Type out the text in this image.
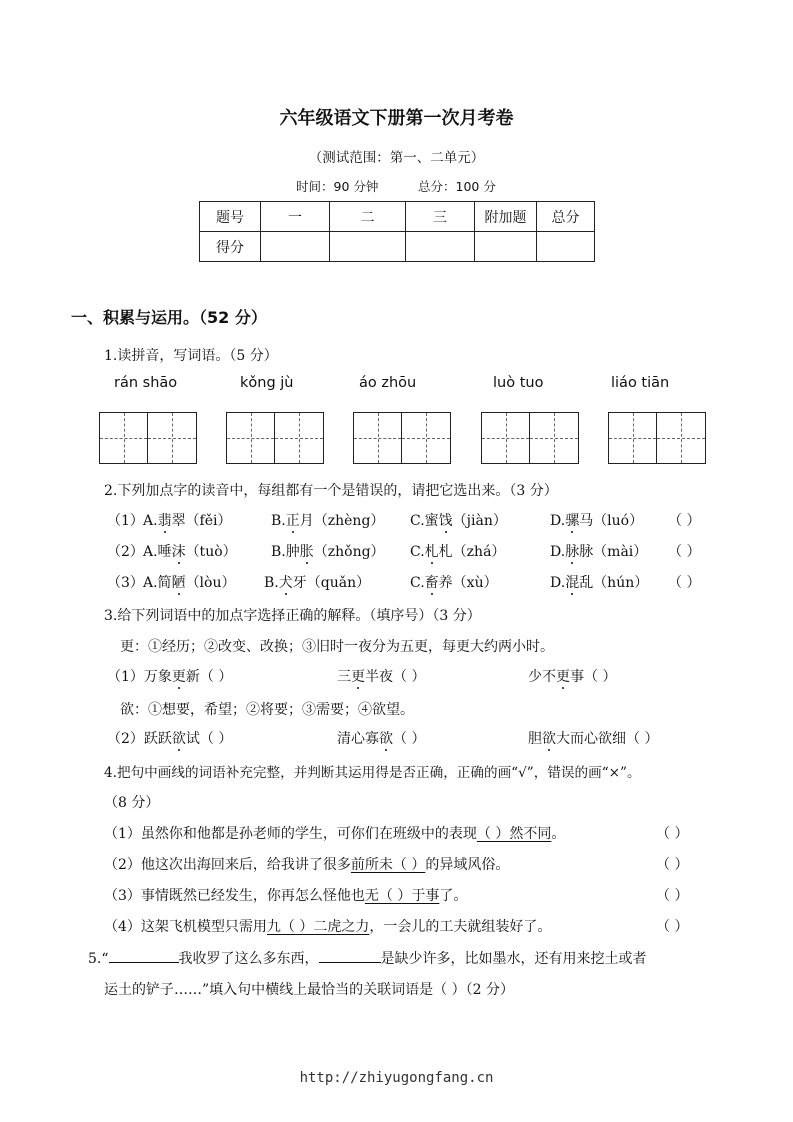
六年级语文下册第一次月考卷
（测试范围：第一、二单元）
时间：90 分钟	总分：100 分
题号	一	二	三	附加题	总分
得分					
一、积累与运用。（52 分）
1.读拼音，写词语。（5 分）
rán shāo	kǒng jù	áo zhōu	luò tuo	liáo tiān
2.下列加点字的读音中，每组都有一个是错误的，请把它选出来。（3 分）
（1） A.翡翠（fěi）	B.正月（zhèng） C.蜜饯（jiàn）	D.骡马（luó） （ ）
（2） A.唾沫（tuò） B.肿胀（zhǒng） C.札札（zhá）	D.脉脉（mài） （ ）
（3） A.简陋（lòu） B.犬牙（quǎn）	C.畜养（xù）	D.混乱（hún） （ ）
3.给下列词语中的加点字选择正确的解释。（填序号）（3 分）
更：①经历；②改变、改换；③旧时一夜分为五更，每更大约两小时。
（1）万象更新（ ）	三更半夜（ ）	少不更事（ ）
欲：①想要，希望；②将要；③需要；④欲望。
（2）跃跃欲试（ ）	清心寡欲（ ）	胆欲大而心欲细（ ）
4.把句中画线的词语补充完整，并判断其运用得是否正确，正确的画“√”，错误的画“×”。
（8 分）
（1）虽然你和他都是孙老师的学生，可你们在班级中的表现（ ）然不同。	（ ）
（2）他这次出海回来后，给我讲了很多前所未（ ）的异域风俗。	（ ）
（3）事情既然已经发生，你再怎么怪他也无（ ）于事了。	（ ）
（4）这架飞机模型只需用九（ ）二虎之力，一会儿的工夫就组装好了。	（ ）
5.“	我收罗了这么多东西，	是缺少许多，比如墨水，还有用来挖土或者
运土的铲子……”填入句中横线上最恰当的关联词语是（ ）（2 分）
http://zhiyugongfang.cn
